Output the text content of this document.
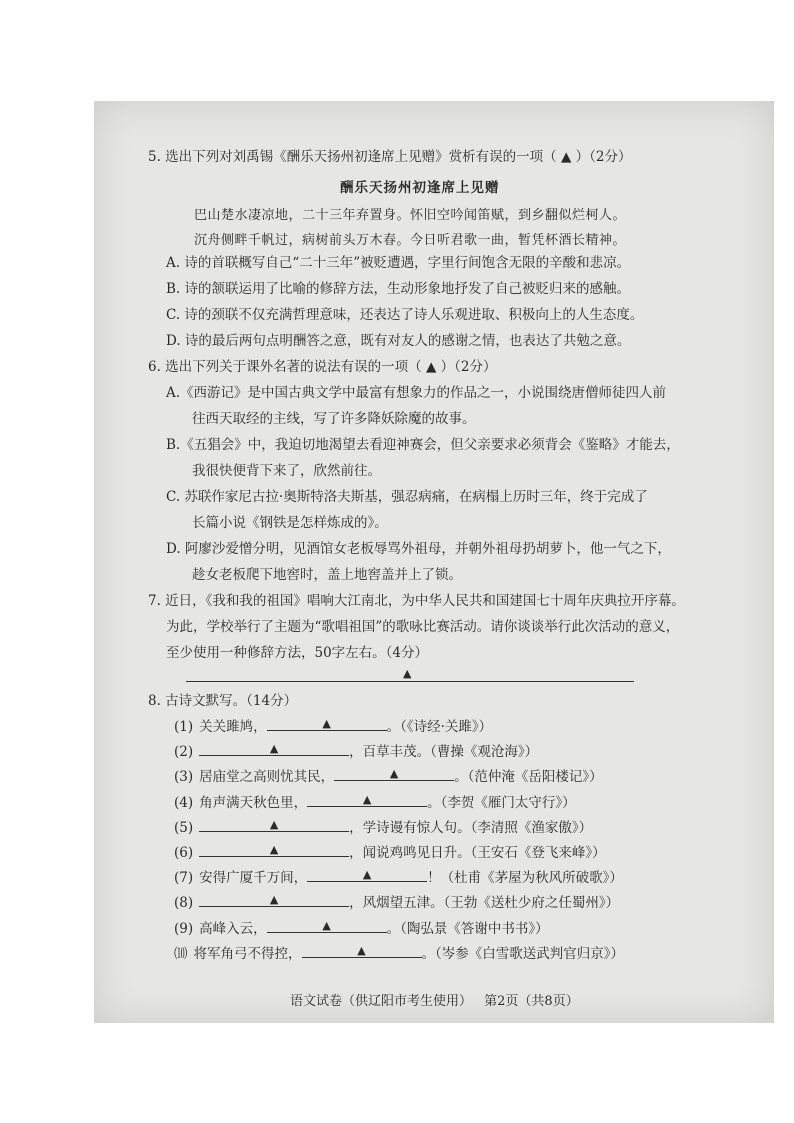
5. 选出下列对刘禹锡《酬乐天扬州初逢席上见赠》赏析有误的一项（ ▲ ）（2分）
酬乐天扬州初逢席上见赠
巴山楚水凄凉地，二十三年弃置身。怀旧空吟闻笛赋，到乡翻似烂柯人。
沉舟侧畔千帆过，病树前头万木春。今日听君歌一曲，暂凭杯酒长精神。
A. 诗的首联概写自己“二十三年”被贬遭遇，字里行间饱含无限的辛酸和悲凉。
B. 诗的颔联运用了比喻的修辞方法，生动形象地抒发了自己被贬归来的感触。
C. 诗的颈联不仅充满哲理意味，还表达了诗人乐观进取、积极向上的人生态度。
D. 诗的最后两句点明酬答之意，既有对友人的感谢之情，也表达了共勉之意。
6. 选出下列关于课外名著的说法有误的一项（ ▲ ）（2分）
A.《西游记》是中国古典文学中最富有想象力的作品之一，小说围绕唐僧师徒四人前
往西天取经的主线，写了许多降妖除魔的故事。
B.《五猖会》中，我迫切地渴望去看迎神赛会，但父亲要求必须背会《鉴略》才能去，
我很快便背下来了，欣然前往。
C. 苏联作家尼古拉·奥斯特洛夫斯基，强忍病痛，在病榻上历时三年，终于完成了
长篇小说《钢铁是怎样炼成的》。
D. 阿廖沙爱憎分明，见酒馆女老板辱骂外祖母，并朝外祖母扔胡萝卜，他一气之下，
趁女老板爬下地窖时，盖上地窖盖并上了锁。
7. 近日，《我和我的祖国》唱响大江南北，为中华人民共和国建国七十周年庆典拉开序幕。
为此，学校举行了主题为“歌唱祖国”的歌咏比赛活动。请你谈谈举行此次活动的意义，
至少使用一种修辞方法，50字左右。（4分）
▲
8. 古诗文默写。（14分）
(1) 关关雎鸠，	▲	。（《诗经·关雎》）
(2)	▲	，百草丰茂。（曹操《观沧海》）
(3) 居庙堂之高则忧其民，	▲	。（范仲淹《岳阳楼记》）
(4) 角声满天秋色里，	▲	。（李贺《雁门太守行》）
(5)	▲	，学诗谩有惊人句。（李清照《渔家傲》）
(6)	▲	，闻说鸡鸣见日升。（王安石《登飞来峰》）
(7) 安得广厦千万间，	▲	！（杜甫《茅屋为秋风所破歌》）
(8)	▲	，风烟望五津。（王勃《送杜少府之任蜀州》）
(9) 高峰入云，	▲	。（陶弘景《答谢中书书》）
⑽ 将军角弓不得控，	▲	。（岑参《白雪歌送武判官归京》）
语文试卷（供辽阳市考生使用） 第2页（共8页）
